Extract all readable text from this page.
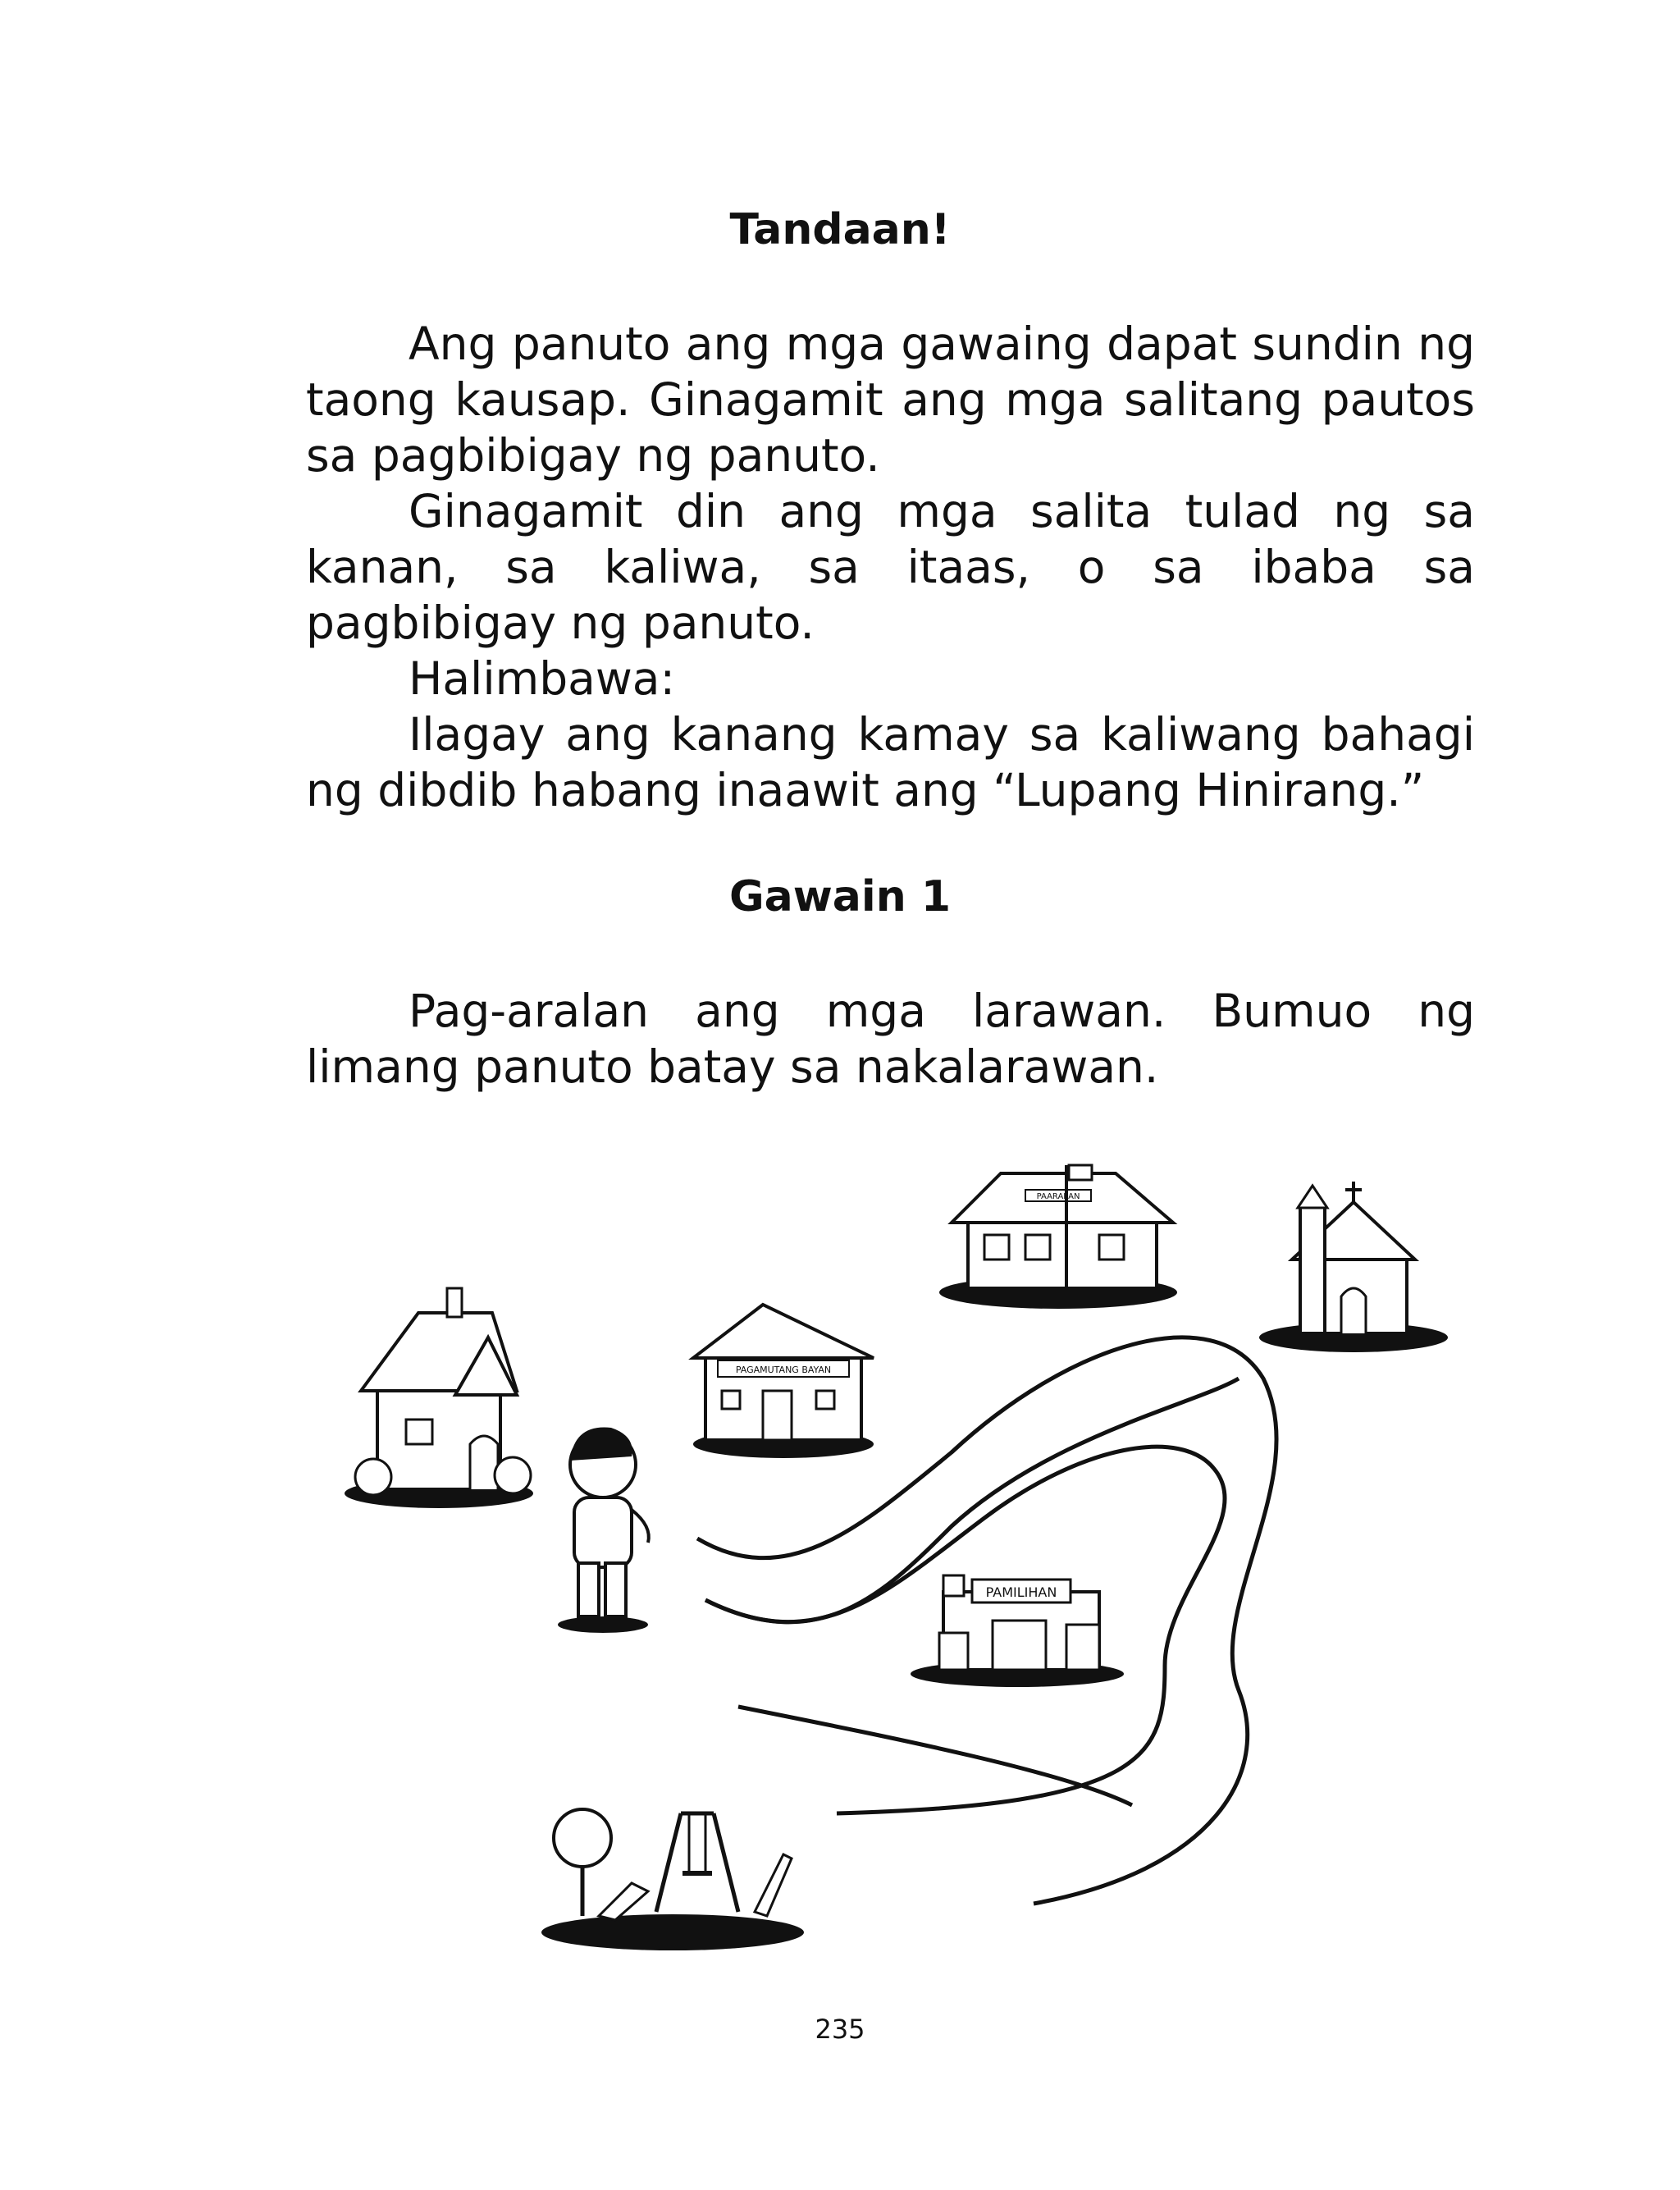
Tandaan!

Ang panuto ang mga gawaing dapat sundin ng taong kausap. Ginagamit ang mga salitang pautos sa pagbibigay ng panuto.

Ginagamit din ang mga salita tulad ng sa kanan, sa kaliwa, sa itaas, o sa ibaba sa pagbibigay ng panuto.

Halimbawa:

Ilagay ang kanang kamay sa kaliwang bahagi ng dibdib habang inaawit ang “Lupang Hinirang.”

Gawain 1

Pag-aralan ang mga larawan. Bumuo ng limang panuto batay sa nakalarawan.

PAGAMUTANG BAYAN
PAARALAN
PAMILIHAN
235
